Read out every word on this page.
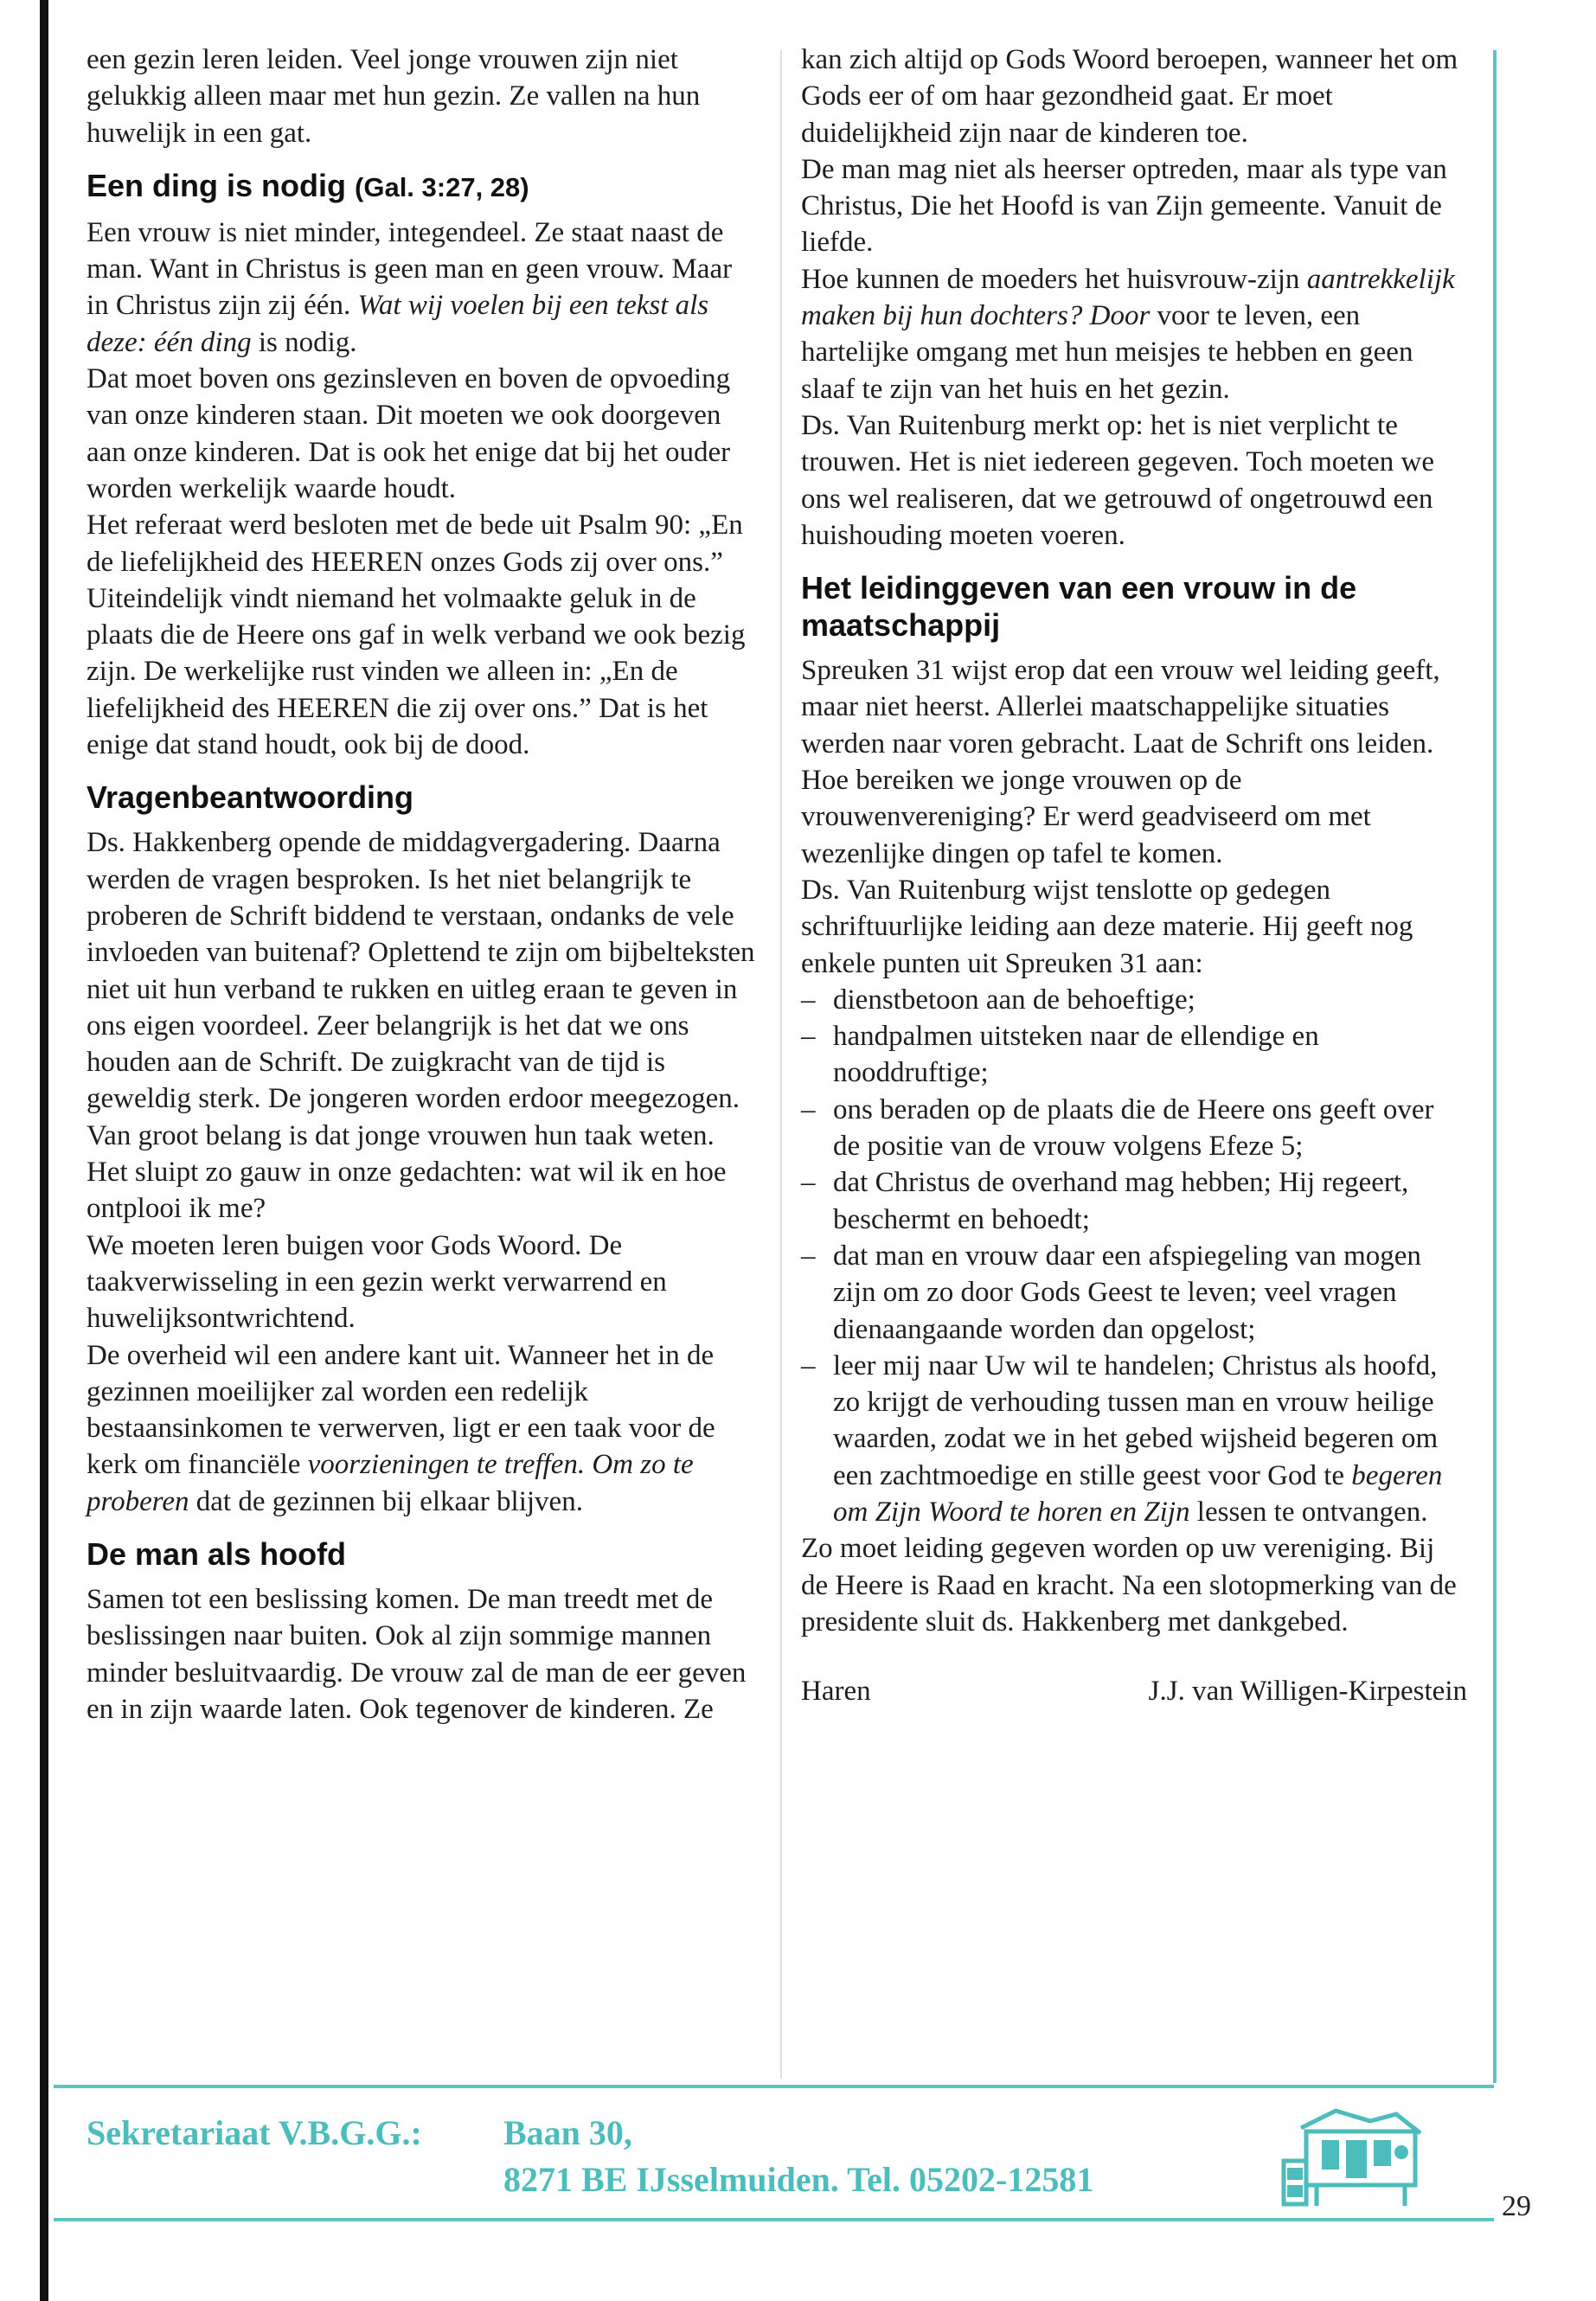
een gezin leren leiden. Veel jonge vrouwen zijn niet gelukkig alleen maar met hun gezin. Ze vallen na hun huwelijk in een gat.

Een ding is nodig (Gal. 3:27, 28)

Een vrouw is niet minder, integendeel. Ze staat naast de man. Want in Christus is geen man en geen vrouw. Maar in Christus zijn zij één. Wat wij voelen bij een tekst als deze: één ding is nodig.

Dat moet boven ons gezinsleven en boven de opvoeding van onze kinderen staan. Dit moeten we ook doorgeven aan onze kinderen. Dat is ook het enige dat bij het ouder worden werkelijk waarde houdt.

Het referaat werd besloten met de bede uit Psalm 90: „En de liefelijkheid des HEEREN onzes Gods zij over ons.”

Uiteindelijk vindt niemand het volmaakte geluk in de plaats die de Heere ons gaf in welk verband we ook bezig zijn. De werkelijke rust vinden we alleen in: „En de liefelijkheid des HEEREN die zij over ons.” Dat is het enige dat stand houdt, ook bij de dood.

Vragenbeantwoording

Ds. Hakkenberg opende de middagvergadering. Daarna werden de vragen besproken. Is het niet belangrijk te proberen de Schrift biddend te verstaan, ondanks de vele invloeden van buitenaf? Oplettend te zijn om bijbelteksten niet uit hun verband te rukken en uitleg eraan te geven in ons eigen voordeel. Zeer belangrijk is het dat we ons houden aan de Schrift. De zuigkracht van de tijd is geweldig sterk. De jongeren worden erdoor meegezogen. Van groot belang is dat jonge vrouwen hun taak weten.

Het sluipt zo gauw in onze gedachten: wat wil ik en hoe ontplooi ik me?

We moeten leren buigen voor Gods Woord. De taakverwisseling in een gezin werkt verwarrend en huwelijksontwrichtend.

De overheid wil een andere kant uit. Wanneer het in de gezinnen moeilijker zal worden een redelijk bestaansinkomen te verwerven, ligt er een taak voor de kerk om financiële voorzieningen te treffen. Om zo te proberen dat de gezinnen bij elkaar blijven.

De man als hoofd

Samen tot een beslissing komen. De man treedt met de beslissingen naar buiten. Ook al zijn sommige mannen minder besluitvaardig. De vrouw zal de man de eer geven en in zijn waarde laten. Ook tegenover de kinderen. Ze

kan zich altijd op Gods Woord beroepen, wanneer het om Gods eer of om haar gezondheid gaat. Er moet duidelijkheid zijn naar de kinderen toe.

De man mag niet als heerser optreden, maar als type van Christus, Die het Hoofd is van Zijn gemeente. Vanuit de liefde.

Hoe kunnen de moeders het huisvrouw-zijn aantrekkelijk maken bij hun dochters? Door voor te leven, een hartelijke omgang met hun meisjes te hebben en geen slaaf te zijn van het huis en het gezin.

Ds. Van Ruitenburg merkt op: het is niet verplicht te trouwen. Het is niet iedereen gegeven. Toch moeten we ons wel realiseren, dat we getrouwd of ongetrouwd een huishouding moeten voeren.

Het leidinggeven van een vrouw in de maatschappij

Spreuken 31 wijst erop dat een vrouw wel leiding geeft, maar niet heerst. Allerlei maatschappelijke situaties werden naar voren gebracht. Laat de Schrift ons leiden.

Hoe bereiken we jonge vrouwen op de vrouwenvereniging? Er werd geadviseerd om met wezenlijke dingen op tafel te komen.

Ds. Van Ruitenburg wijst tenslotte op gedegen schriftuurlijke leiding aan deze materie. Hij geeft nog enkele punten uit Spreuken 31 aan:

– dienstbetoon aan de behoeftige;
– handpalmen uitsteken naar de ellendige en nooddruftige;
– ons beraden op de plaats die de Heere ons geeft over de positie van de vrouw volgens Efeze 5;
– dat Christus de overhand mag hebben; Hij regeert, beschermt en behoedt;
– dat man en vrouw daar een afspiegeling van mogen zijn om zo door Gods Geest te leven; veel vragen dienaangaande worden dan opgelost;
– leer mij naar Uw wil te handelen; Christus als hoofd, zo krijgt de verhouding tussen man en vrouw heilige waarden, zodat we in het gebed wijsheid begeren om een zachtmoedige en stille geest voor God te begeren om Zijn Woord te horen en Zijn lessen te ontvangen.

Zo moet leiding gegeven worden op uw vereniging. Bij de Heere is Raad en kracht. Na een slotopmerking van de presidente sluit ds. Hakkenberg met dankgebed.

Haren	J.J. van Willigen-Kirpestein
Sekretariaat V.B.G.G.: Baan 30,
8271 BE IJsselmuiden. Tel. 05202-12581
29
